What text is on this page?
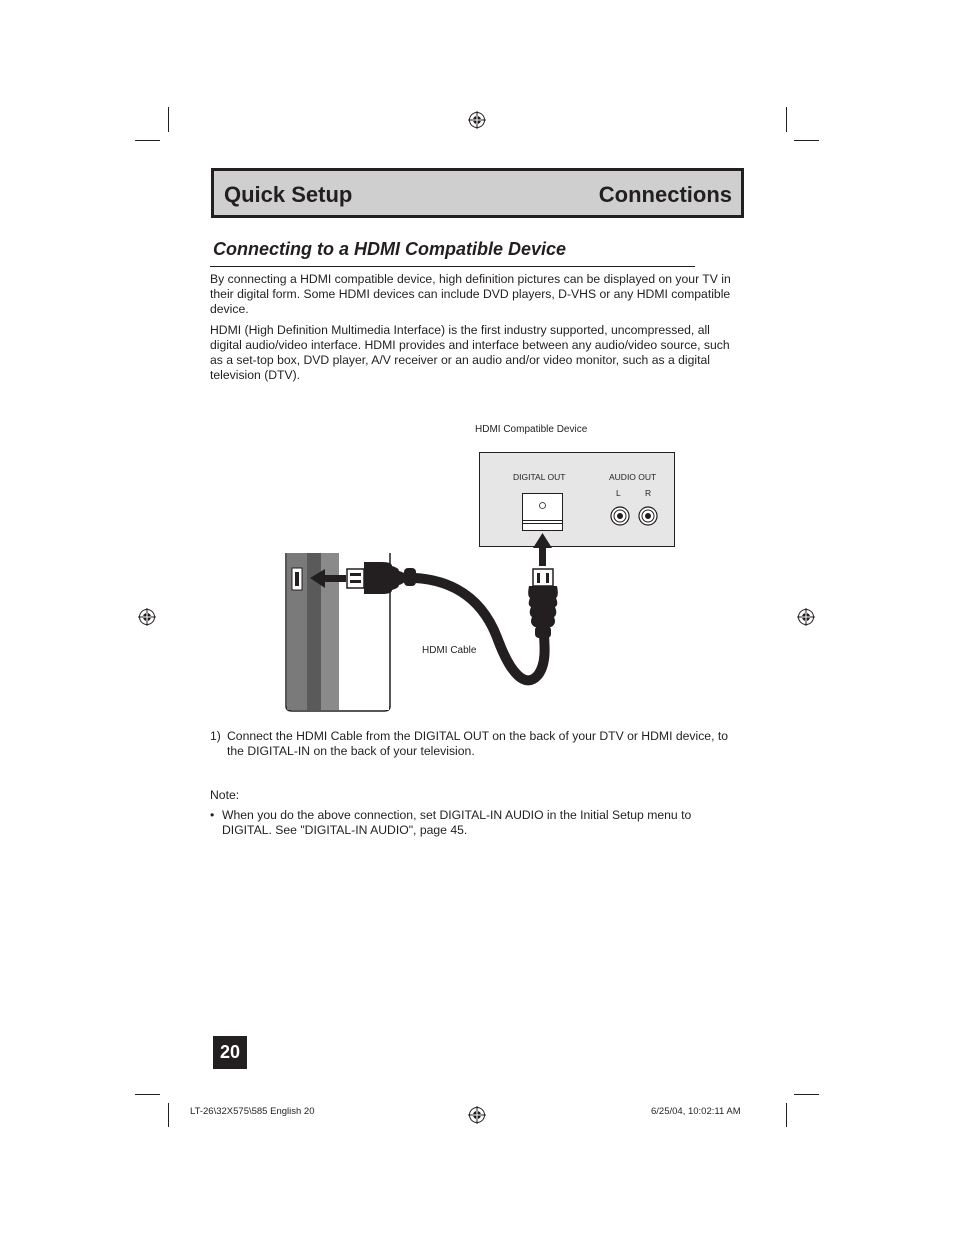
Quick Setup	Connections
Connecting to a HDMI Compatible Device
By connecting a HDMI compatible device, high definition pictures can be displayed on your TV in their digital form. Some HDMI devices can include DVD players, D-VHS or any HDMI compatible device.
HDMI (High Definition Multimedia Interface) is the first industry supported, uncompressed, all digital audio/video interface. HDMI provides and interface between any audio/video source, such as a set-top box, DVD player, A/V receiver or an audio and/or video monitor, such as a digital television (DTV).
HDMI Compatible Device
DIGITAL OUT	AUDIO OUT
L	R
HDMI Cable
1) Connect the HDMI Cable from the DIGITAL OUT on the back of your DTV or HDMI device, to the DIGITAL-IN on the back of your television.
Note:
• When you do the above connection, set DIGITAL-IN AUDIO in the Initial Setup menu to DIGITAL. See "DIGITAL-IN AUDIO", page 45.
20
LT-26\32X575\585 English 20	6/25/04, 10:02:11 AM
